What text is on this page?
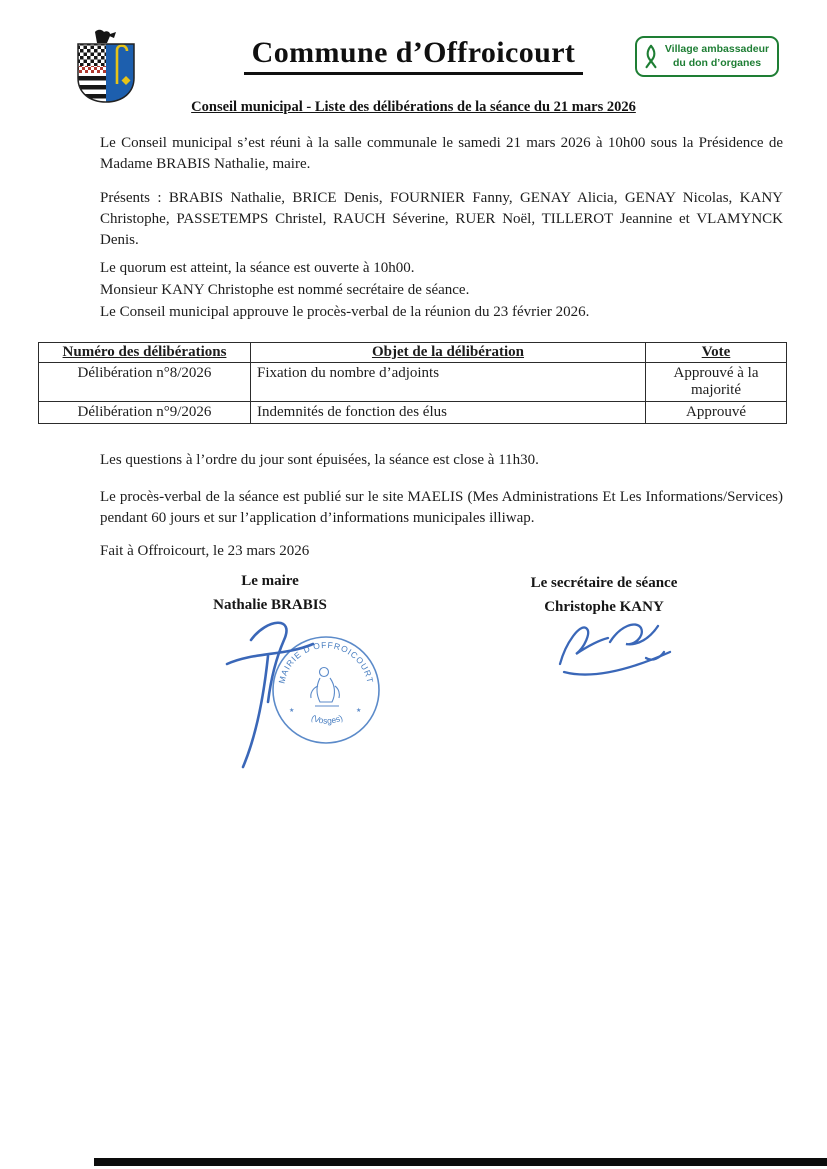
Commune d’Offroicourt	Village ambassadeur
du don d’organes
Conseil municipal - Liste des délibérations de la séance du 21 mars 2026

Le Conseil municipal s’est réuni à la salle communale le samedi 21 mars 2026 à 10h00 sous la Présidence de Madame BRABIS Nathalie, maire.

Présents : BRABIS Nathalie, BRICE Denis, FOURNIER Fanny, GENAY Alicia, GENAY Nicolas, KANY Christophe, PASSETEMPS Christel, RAUCH Séverine, RUER Noël, TILLEROT Jeannine et VLAMYNCK Denis.

Le quorum est atteint, la séance est ouverte à 10h00.

Monsieur KANY Christophe est nommé secrétaire de séance.

Le Conseil municipal approuve le procès-verbal de la réunion du 23 février 2026.

Numéro des délibérations	Objet de la délibération	Vote
Délibération n°8/2026	Fixation du nombre d’adjoints	Approuvé à la majorité
Délibération n°9/2026	Indemnités de fonction des élus	Approuvé

Les questions à l’ordre du jour sont épuisées, la séance est close à 11h30.

Le procès-verbal de la séance est publié sur le site MAELIS (Mes Administrations Et Les Informations/Services) pendant 60 jours et sur l’application d’informations municipales illiwap.

Fait à Offroicourt, le 23 mars 2026

Le maire
Nathalie BRABIS
Le secrétaire de séance
Christophe KANY
MAIRIE D'OFFROICOURT
(Vosges)
★	★
